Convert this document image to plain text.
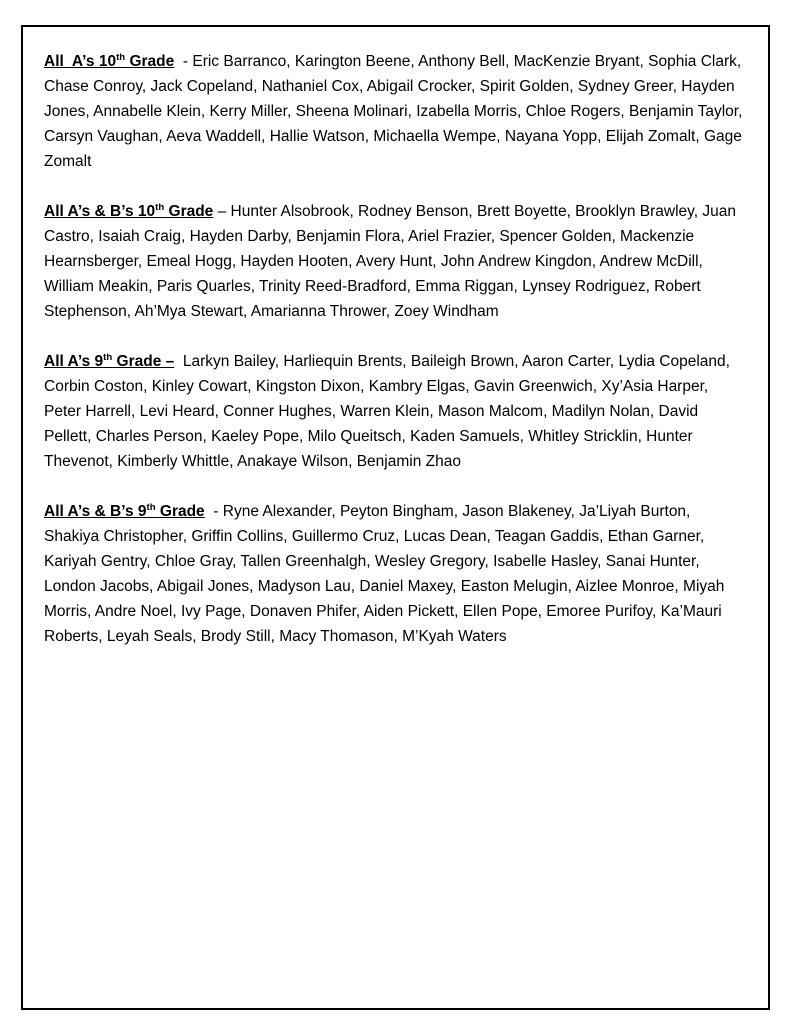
All  A’s 10th Grade  - Eric Barranco, Karington Beene, Anthony Bell, MacKenzie Bryant, Sophia Clark, Chase Conroy, Jack Copeland, Nathaniel Cox, Abigail Crocker, Spirit Golden, Sydney Greer, Hayden Jones, Annabelle Klein, Kerry Miller, Sheena Molinari, Izabella Morris, Chloe Rogers, Benjamin Taylor, Carsyn Vaughan, Aeva Waddell, Hallie Watson, Michaella Wempe, Nayana Yopp, Elijah Zomalt, Gage Zomalt

All A’s & B’s 10th Grade – Hunter Alsobrook, Rodney Benson, Brett Boyette, Brooklyn Brawley, Juan Castro, Isaiah Craig, Hayden Darby, Benjamin Flora, Ariel Frazier, Spencer Golden, Mackenzie Hearnsberger, Emeal Hogg, Hayden Hooten, Avery Hunt, John Andrew Kingdon, Andrew McDill, William Meakin, Paris Quarles, Trinity Reed-Bradford, Emma Riggan, Lynsey Rodriguez, Robert Stephenson, Ah’Mya Stewart, Amarianna Thrower, Zoey Windham

All A’s 9th Grade – Larkyn Bailey, Harliequin Brents, Baileigh Brown, Aaron Carter, Lydia Copeland, Corbin Coston, Kinley Cowart, Kingston Dixon, Kambry Elgas, Gavin Greenwich, Xy’Asia Harper, Peter Harrell, Levi Heard, Conner Hughes, Warren Klein, Mason Malcom, Madilyn Nolan, David Pellett, Charles Person, Kaeley Pope, Milo Queitsch, Kaden Samuels, Whitley Stricklin, Hunter Thevenot, Kimberly Whittle, Anakaye Wilson, Benjamin Zhao

All A’s & B’s 9th Grade  - Ryne Alexander, Peyton Bingham, Jason Blakeney, Ja’Liyah Burton, Shakiya Christopher, Griffin Collins, Guillermo Cruz, Lucas Dean, Teagan Gaddis, Ethan Garner, Kariyah Gentry, Chloe Gray, Tallen Greenhalgh, Wesley Gregory, Isabelle Hasley, Sanai Hunter, London Jacobs, Abigail Jones, Madyson Lau, Daniel Maxey, Easton Melugin, Aizlee Monroe, Miyah Morris, Andre Noel, Ivy Page, Donaven Phifer, Aiden Pickett, Ellen Pope, Emoree Purifoy, Ka’Mauri Roberts, Leyah Seals, Brody Still, Macy Thomason, M’Kyah Waters
